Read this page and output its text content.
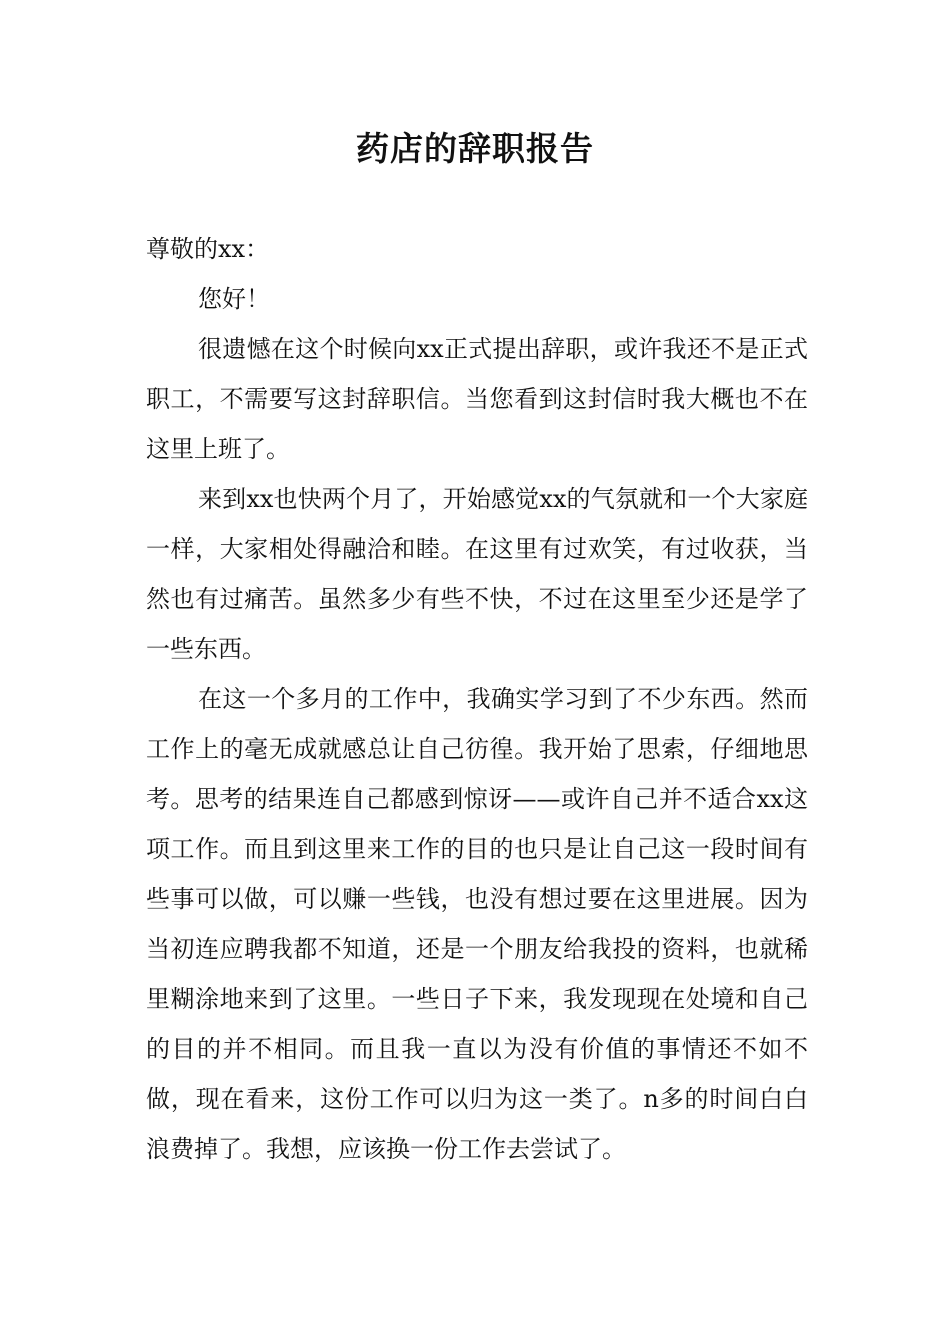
药店的辞职报告

尊敬的xx：

您好！

很遗憾在这个时候向xx正式提出辞职，或许我还不是正式职工，不需要写这封辞职信。当您看到这封信时我大概也不在这里上班了。

来到xx也快两个月了，开始感觉xx的气氛就和一个大家庭一样，大家相处得融洽和睦。在这里有过欢笑，有过收获，当然也有过痛苦。虽然多少有些不快，不过在这里至少还是学了一些东西。

在这一个多月的工作中，我确实学习到了不少东西。然而工作上的毫无成就感总让自己彷徨。我开始了思索，仔细地思考。思考的结果连自己都感到惊讶——或许自己并不适合xx这项工作。而且到这里来工作的目的也只是让自己这一段时间有些事可以做，可以赚一些钱，也没有想过要在这里进展。因为当初连应聘我都不知道，还是一个朋友给我投的资料，也就稀里糊涂地来到了这里。一些日子下来，我发现现在处境和自己的目的并不相同。而且我一直以为没有价值的事情还不如不做，现在看来，这份工作可以归为这一类了。n多的时间白白浪费掉了。我想，应该换一份工作去尝试了。
